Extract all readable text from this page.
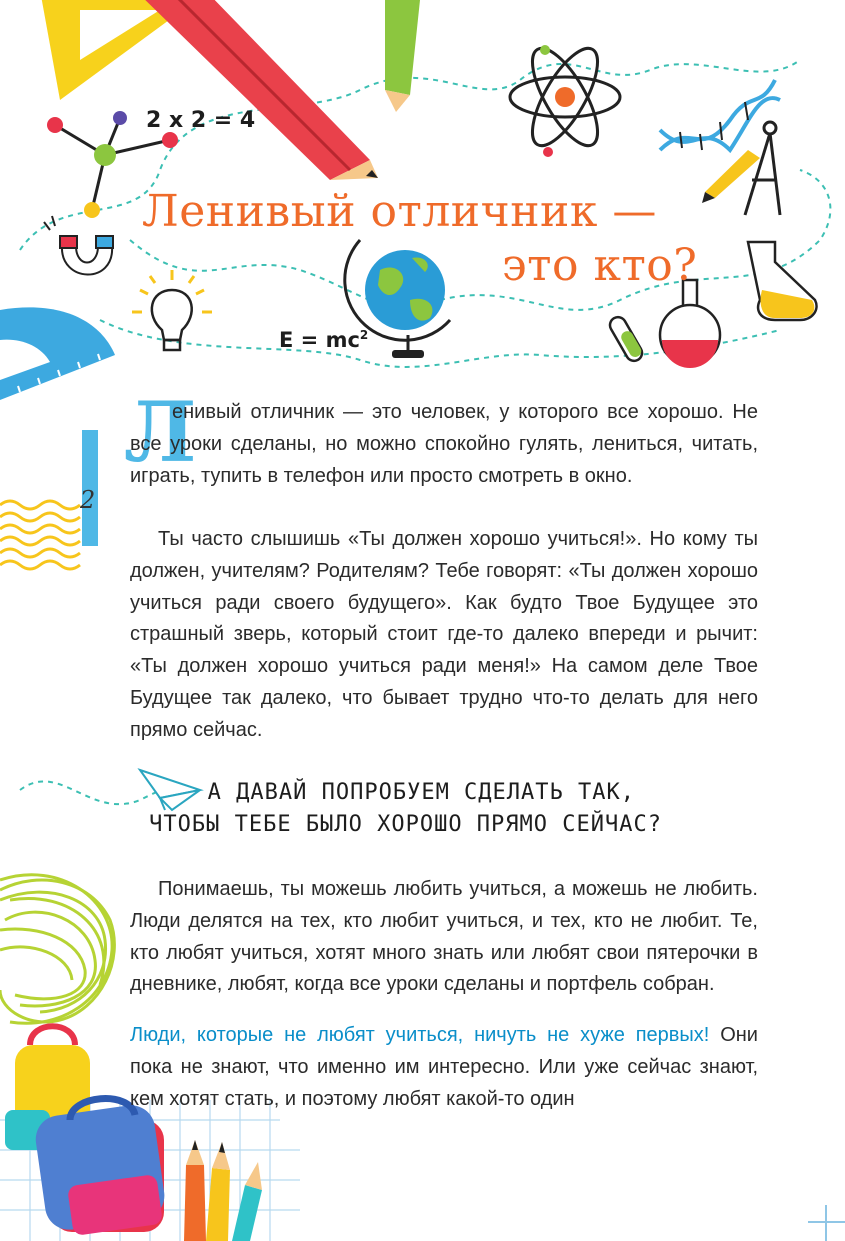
2 x 2 = 4
$E = mc^2$
Ленивый отличник —
это кто?
2
Л

енивый отличник — это человек, у которого все хорошо. Не все уроки сделаны, но можно спокойно гулять, лениться, читать, играть, тупить в телефон или просто смотреть в окно.

Ты часто слышишь «Ты должен хорошо учиться!». Но кому ты должен, учителям? Родителям? Тебе говорят: «Ты должен хорошо учиться ради своего будущего». Как будто Твое Будущее это страшный зверь, который стоит где-то далеко впереди и рычит: «Ты должен хорошо учиться ради меня!» На самом деле Твое Будущее так далеко, что бывает трудно что-то делать для него прямо сейчас.

А ДАВАЙ ПОПРОБУЕМ СДЕЛАТЬ ТАК,

ЧТОБЫ ТЕБЕ БЫЛО ХОРОШО ПРЯМО СЕЙЧАС?

Понимаешь, ты можешь любить учиться, а можешь не любить. Люди делятся на тех, кто любит учиться, и тех, кто не любит. Те, кто любят учиться, хотят много знать или любят свои пятерочки в дневнике, любят, когда все уроки сделаны и портфель собран.

Люди, которые не любят учиться, ничуть не хуже первых! Они пока не знают, что именно им интересно. Или уже сейчас знают, кем хотят стать, и поэтому любят какой-то один
